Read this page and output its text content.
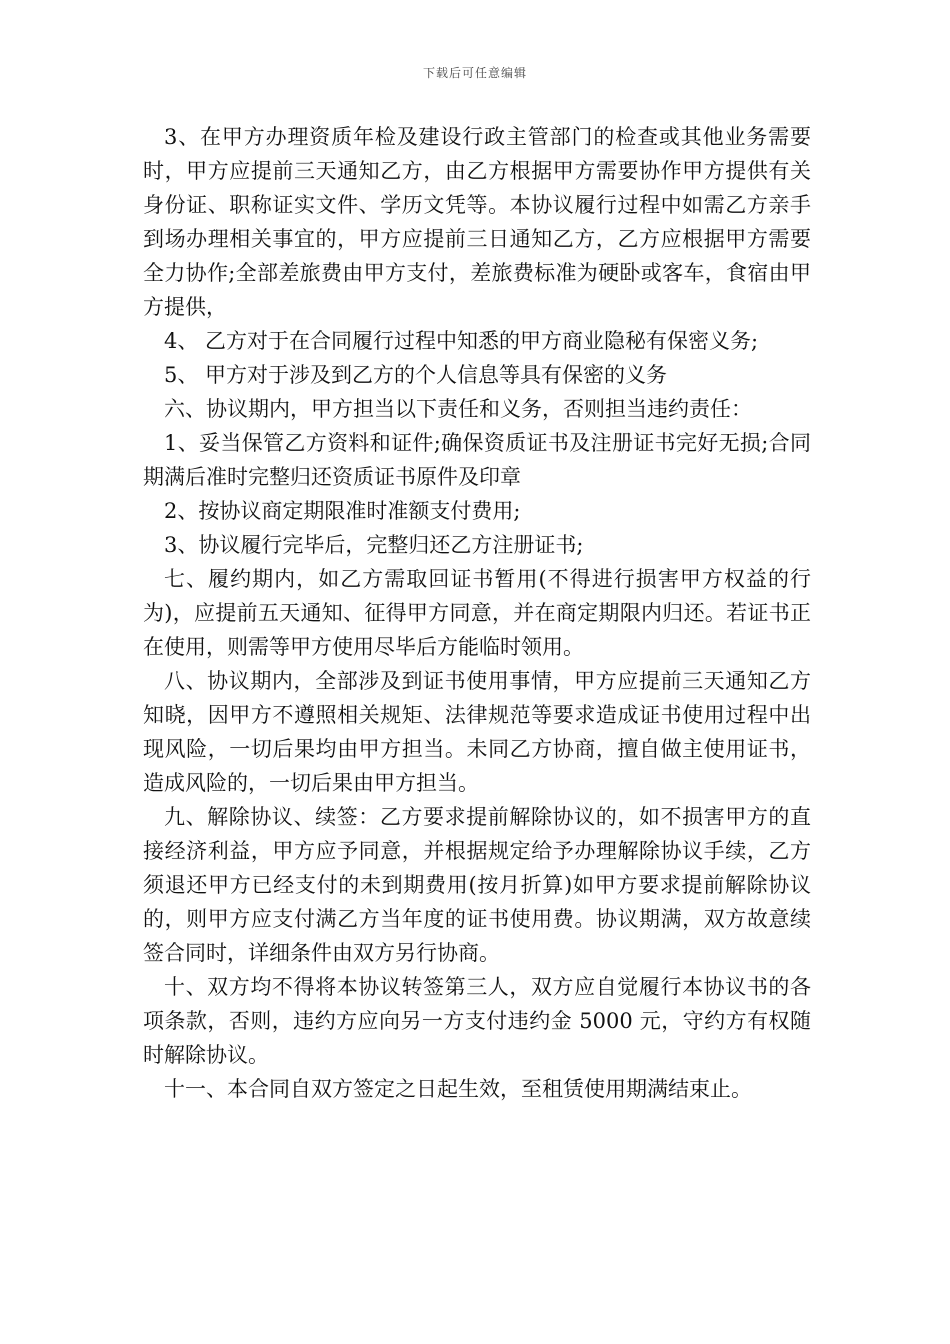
下载后可任意编辑

3、在甲方办理资质年检及建设行政主管部门的检查或其他业务需要时，甲方应提前三天通知乙方，由乙方根据甲方需要协作甲方提供有关身份证、职称证实文件、学历文凭等。本协议履行过程中如需乙方亲手到场办理相关事宜的，甲方应提前三日通知乙方，乙方应根据甲方需要全力协作;全部差旅费由甲方支付，差旅费标准为硬卧或客车，食宿由甲方提供，

4、 乙方对于在合同履行过程中知悉的甲方商业隐秘有保密义务;

5、 甲方对于涉及到乙方的个人信息等具有保密的义务

六、协议期内，甲方担当以下责任和义务，否则担当违约责任：

1、妥当保管乙方资料和证件;确保资质证书及注册证书完好无损;合同期满后准时完整归还资质证书原件及印章

2、按协议商定期限准时准额支付费用;

3、协议履行完毕后，完整归还乙方注册证书;

七、履约期内，如乙方需取回证书暂用(不得进行损害甲方权益的行为)，应提前五天通知、征得甲方同意，并在商定期限内归还。若证书正在使用，则需等甲方使用尽毕后方能临时领用。

八、协议期内，全部涉及到证书使用事情，甲方应提前三天通知乙方知晓，因甲方不遵照相关规矩、法律规范等要求造成证书使用过程中出现风险，一切后果均由甲方担当。未同乙方协商，擅自做主使用证书，造成风险的，一切后果由甲方担当。

九、解除协议、续签：乙方要求提前解除协议的，如不损害甲方的直接经济利益，甲方应予同意，并根据规定给予办理解除协议手续，乙方须退还甲方已经支付的未到期费用(按月折算)如甲方要求提前解除协议的，则甲方应支付满乙方当年度的证书使用费。协议期满，双方故意续签合同时，详细条件由双方另行协商。

十、双方均不得将本协议转签第三人，双方应自觉履行本协议书的各项条款，否则，违约方应向另一方支付违约金 5000 元，守约方有权随时解除协议。

十一、本合同自双方签定之日起生效，至租赁使用期满结束止。
